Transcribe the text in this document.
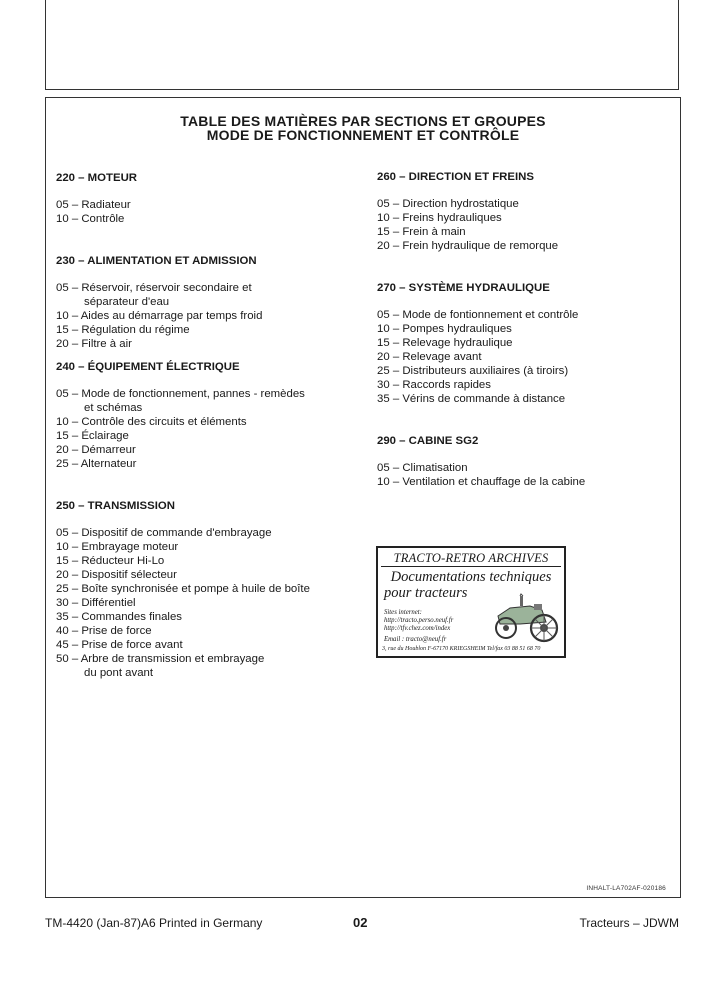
TABLE DES MATIÈRES PAR SECTIONS ET GROUPES
MODE DE FONCTIONNEMENT ET CONTRÔLE
220 – MOTEUR
05 – Radiateur
10 – Contrôle
230 – ALIMENTATION ET ADMISSION
05 – Réservoir, réservoir secondaire et
séparateur d'eau
10 – Aides au démarrage par temps froid
15 – Régulation du régime
20 – Filtre à air
240 – ÉQUIPEMENT ÉLECTRIQUE
05 – Mode de fonctionnement, pannes - remèdes
et schémas
10 – Contrôle des circuits et éléments
15 – Éclairage
20 – Démarreur
25 – Alternateur
250 – TRANSMISSION
05 – Dispositif de commande d'embrayage
10 – Embrayage moteur
15 – Réducteur Hi-Lo
20 – Dispositif sélecteur
25 – Boîte synchronisée et pompe à huile de boîte
30 – Différentiel
35 – Commandes finales
40 – Prise de force
45 – Prise de force avant
50 – Arbre de transmission et embrayage
du pont avant
260 – DIRECTION ET FREINS
05 – Direction hydrostatique
10 – Freins hydrauliques
15 – Frein à main
20 – Frein hydraulique de remorque
270 – SYSTÈME HYDRAULIQUE
05 – Mode de fontionnement et contrôle
10 – Pompes hydrauliques
15 – Relevage hydraulique
20 – Relevage avant
25 – Distributeurs auxiliaires (à tiroirs)
30 – Raccords rapides
35 – Vérins de commande à distance
290 – CABINE SG2
05 – Climatisation
10 – Ventilation et chauffage de la cabine
INHALT-LA702AF-020186
TRACTO-RETRO ARCHIVES
Documentations techniques
pour tracteurs
Sites internet:
http://tracto.perso.neuf.fr
http://tfv.chez.com/index
Email : tracto@neuf.fr
3, rue du Houblon F-67170 KRIEGSHEIM Tel/fax 03 88 51 68 70
TM-4420 (Jan-87)A6 Printed in Germany	02	Tracteurs – JDWM
